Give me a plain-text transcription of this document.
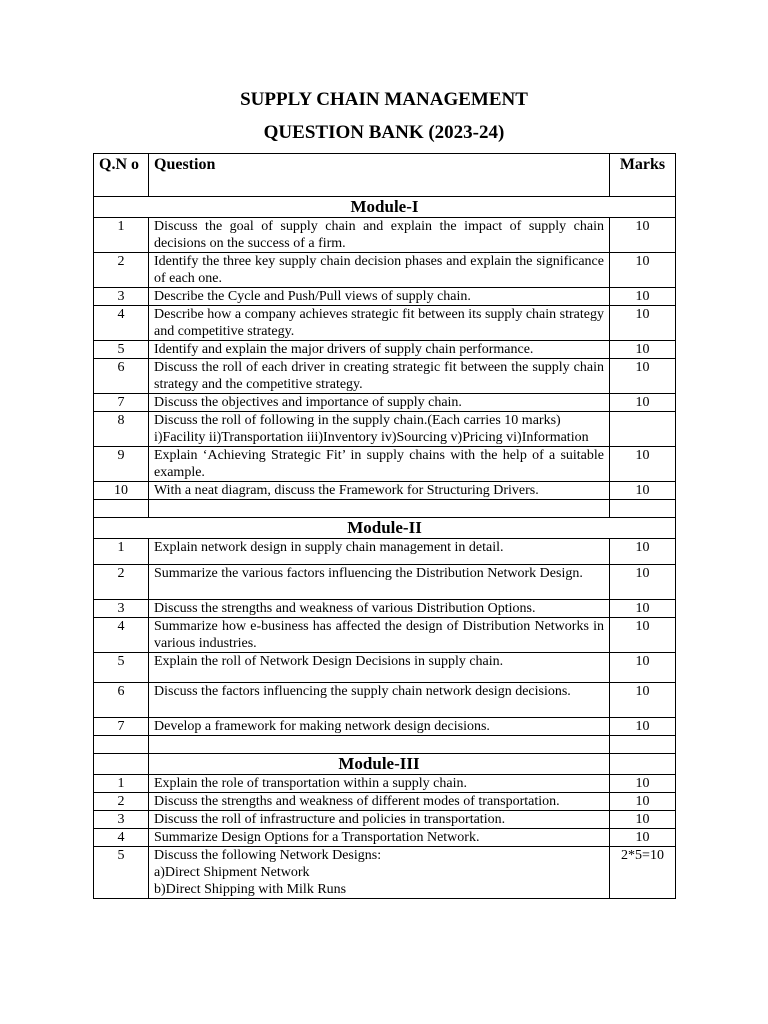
SUPPLY CHAIN MANAGEMENT
QUESTION BANK (2023-24)
Q.N o	Question	Marks
Module-I		
1	Discuss the goal of supply chain and explain the impact of supply chain decisions on the success of a firm.	10
2	Identify the three key supply chain decision phases and explain the significance of each one.	10
3	Describe the Cycle and Push/Pull views of supply chain.	10
4	Describe how a company achieves strategic fit between its supply chain strategy and competitive strategy.	10
5	Identify and explain the major drivers of supply chain performance.	10
6	Discuss the roll of each driver in creating strategic fit between the supply chain strategy and the competitive strategy.	10
7	Discuss the objectives and importance of supply chain.	10
8	Discuss the roll of following in the supply chain.(Each carries 10 marks)
i)Facility ii)Transportation iii)Inventory iv)Sourcing v)Pricing vi)Information	

9	Explain ‘Achieving Strategic Fit’ in supply chains with the help of a suitable example.	10
10	With a neat diagram, discuss the Framework for Structuring Drivers.	10

Module-II		
1	Explain network design in supply chain management in detail.	10
2	Summarize the various factors influencing the Distribution Network Design.	10
3	Discuss the strengths and weakness of various Distribution Options.	10
4	Summarize how e-business has affected the design of Distribution Networks in various industries.	10
5	Explain the roll of Network Design Decisions in supply chain.	10
6	Discuss the factors influencing the supply chain network design decisions.	10
7	Develop a framework for making network design decisions.	10

	Module-III	
1	Explain the role of transportation within a supply chain.	10
2	Discuss the strengths and weakness of different modes of transportation.	10
3	Discuss the roll of infrastructure and policies in transportation.	10
4	Summarize Design Options for a Transportation Network.	10
5	Discuss the following Network Designs:
a)Direct Shipment Network
b)Direct Shipping with Milk Runs	2*5=10
